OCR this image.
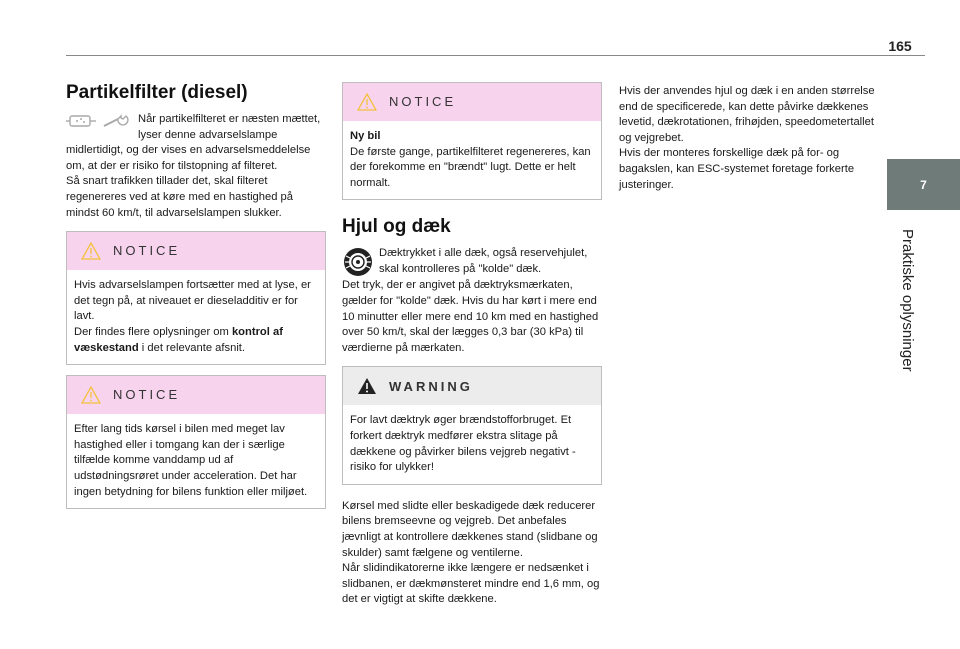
165
7
Praktiske oplysninger
Partikelfilter (diesel)

Når partikelfilteret er næsten mættet, lyser denne advarselslampe midlertidigt, og der vises en advarselsmeddelelse om, at der er risiko for tilstopning af filteret.

Så snart trafikken tillader det, skal filteret regenereres ved at køre med en hastighed på mindst 60 km/t, til advarselslampen slukker.

NOTICE

Hvis advarselslampen fortsætter med at lyse, er det tegn på, at niveauet er dieseladditiv er for lavt.

Der findes flere oplysninger om kontrol af væskestand i det relevante afsnit.

NOTICE

Efter lang tids kørsel i bilen med meget lav hastighed eller i tomgang kan der i særlige tilfælde komme vanddamp ud af udstødningsrøret under acceleration. Det har ingen betydning for bilens funktion eller miljøet.

NOTICE

Ny bil

De første gange, partikelfilteret regenereres, kan der forekomme en "brændt" lugt. Dette er helt normalt.

Hjul og dæk

Dæktrykket i alle dæk, også reservehjulet, skal kontrolleres på "kolde" dæk.

Det tryk, der er angivet på dæktryksmærkaten, gælder for "kolde" dæk. Hvis du har kørt i mere end 10 minutter eller mere end 10 km med en hastighed over 50 km/t, skal der lægges 0,3 bar (30 kPa) til værdierne på mærkaten.

WARNING

For lavt dæktryk øger brændstofforbruget. Et forkert dæktryk medfører ekstra slitage på dækkene og påvirker bilens vejgreb negativt - risiko for ulykker!

Kørsel med slidte eller beskadigede dæk reducerer bilens bremseevne og vejgreb. Det anbefales jævnligt at kontrollere dækkenes stand (slidbane og skulder) samt fælgene og ventilerne.

Når slidindikatorerne ikke længere er nedsænket i slidbanen, er dækmønsteret mindre end 1,6 mm, og det er vigtigt at skifte dækkene.

Hvis der anvendes hjul og dæk i en anden størrelse end de specificerede, kan dette påvirke dækkenes levetid, dækrotationen, frihøjden, speedometertallet og vejgrebet.

Hvis der monteres forskellige dæk på for- og bagakslen, kan ESC-systemet foretage forkerte justeringer.
